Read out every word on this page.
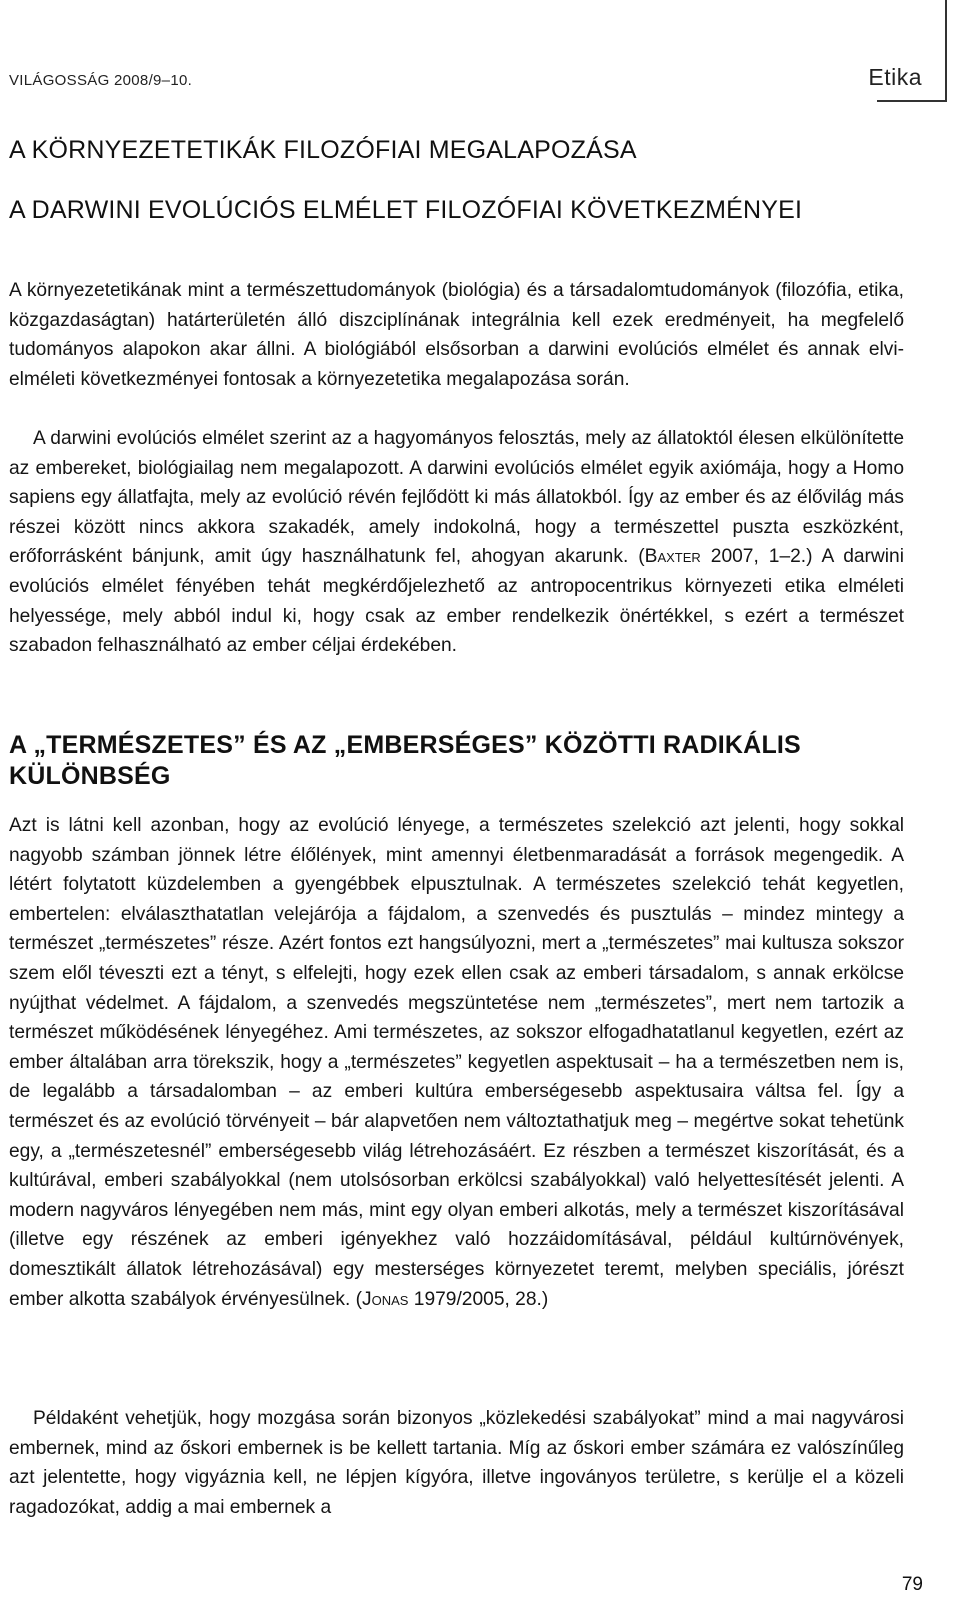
VILÁGOSSÁG 2008/9–10.	Etika
A KÖRNYEZETETIKÁK FILOZÓFIAI MEGALAPOZÁSA
A DARWINI EVOLÚCIÓS ELMÉLET FILOZÓFIAI KÖVETKEZMÉNYEI

A környezetetikának mint a természettudományok (biológia) és a társadalomtudományok (filozófia, etika, közgazdaságtan) határterületén álló diszciplínának integrálnia kell ezek eredményeit, ha megfelelő tudományos alapokon akar állni. A biológiából elsősorban a darwini evolúciós elmélet és annak elvi-elméleti következményei fontosak a környezetetika megalapozása során.

A darwini evolúciós elmélet szerint az a hagyományos felosztás, mely az állatoktól élesen elkülönítette az embereket, biológiailag nem megalapozott. A darwini evolúciós elmélet egyik axiómája, hogy a Homo sapiens egy állatfajta, mely az evolúció révén fejlődött ki más állatokból. Így az ember és az élővilág más részei között nincs akkora szakadék, amely indokolná, hogy a természettel puszta eszközként, erőforrásként bánjunk, amit úgy használhatunk fel, ahogyan akarunk. (Baxter 2007, 1–2.) A darwini evolúciós elmélet fényében tehát megkérdőjelezhető az antropocentrikus környezeti etika elméleti helyessége, mely abból indul ki, hogy csak az ember rendelkezik önértékkel, s ezért a természet szabadon felhasználható az ember céljai érdekében.

A „TERMÉSZETES” ÉS AZ „EMBERSÉGES” KÖZÖTTI RADIKÁLIS KÜLÖNBSÉG

Azt is látni kell azonban, hogy az evolúció lényege, a természetes szelekció azt jelenti, hogy sokkal nagyobb számban jönnek létre élőlények, mint amennyi életbenmaradását a források megengedik. A létért folytatott küzdelemben a gyengébbek elpusztulnak. A természetes szelekció tehát kegyetlen, embertelen: elválaszthatatlan velejárója a fájdalom, a szenvedés és pusztulás – mindez mintegy a természet „természetes” része. Azért fontos ezt hangsúlyozni, mert a „természetes” mai kultusza sokszor szem elől téveszti ezt a tényt, s elfelejti, hogy ezek ellen csak az emberi társadalom, s annak erkölcse nyújthat védelmet. A fájdalom, a szenvedés megszüntetése nem „természetes”, mert nem tartozik a természet működésének lényegéhez. Ami természetes, az sokszor elfogadhatatlanul kegyetlen, ezért az ember általában arra törekszik, hogy a „természetes” kegyetlen aspektusait – ha a természetben nem is, de legalább a társadalomban – az emberi kultúra emberségesebb aspektusaira váltsa fel. Így a természet és az evolúció törvényeit – bár alapvetően nem változtathatjuk meg – megértve sokat tehetünk egy, a „természetesnél” emberségesebb világ létrehozásáért. Ez részben a természet kiszorítását, és a kultúrával, emberi szabályokkal (nem utolsósorban erkölcsi szabályokkal) való helyettesítését jelenti. A modern nagyváros lényegében nem más, mint egy olyan emberi alkotás, mely a természet kiszorításával (illetve egy részének az emberi igényekhez való hozzáidomításával, például kultúrnövények, domesztikált állatok létrehozásával) egy mesterséges környezetet teremt, melyben speciális, jórészt ember alkotta szabályok érvényesülnek. (Jonas 1979/2005, 28.)

Példaként vehetjük, hogy mozgása során bizonyos „közlekedési szabályokat” mind a mai nagyvárosi embernek, mind az őskori embernek is be kellett tartania. Míg az őskori ember számára ez valószínűleg azt jelentette, hogy vigyáznia kell, ne lépjen kígyóra, illetve ingoványos területre, s kerülje el a közeli ragadozókat, addig a mai embernek a

79
